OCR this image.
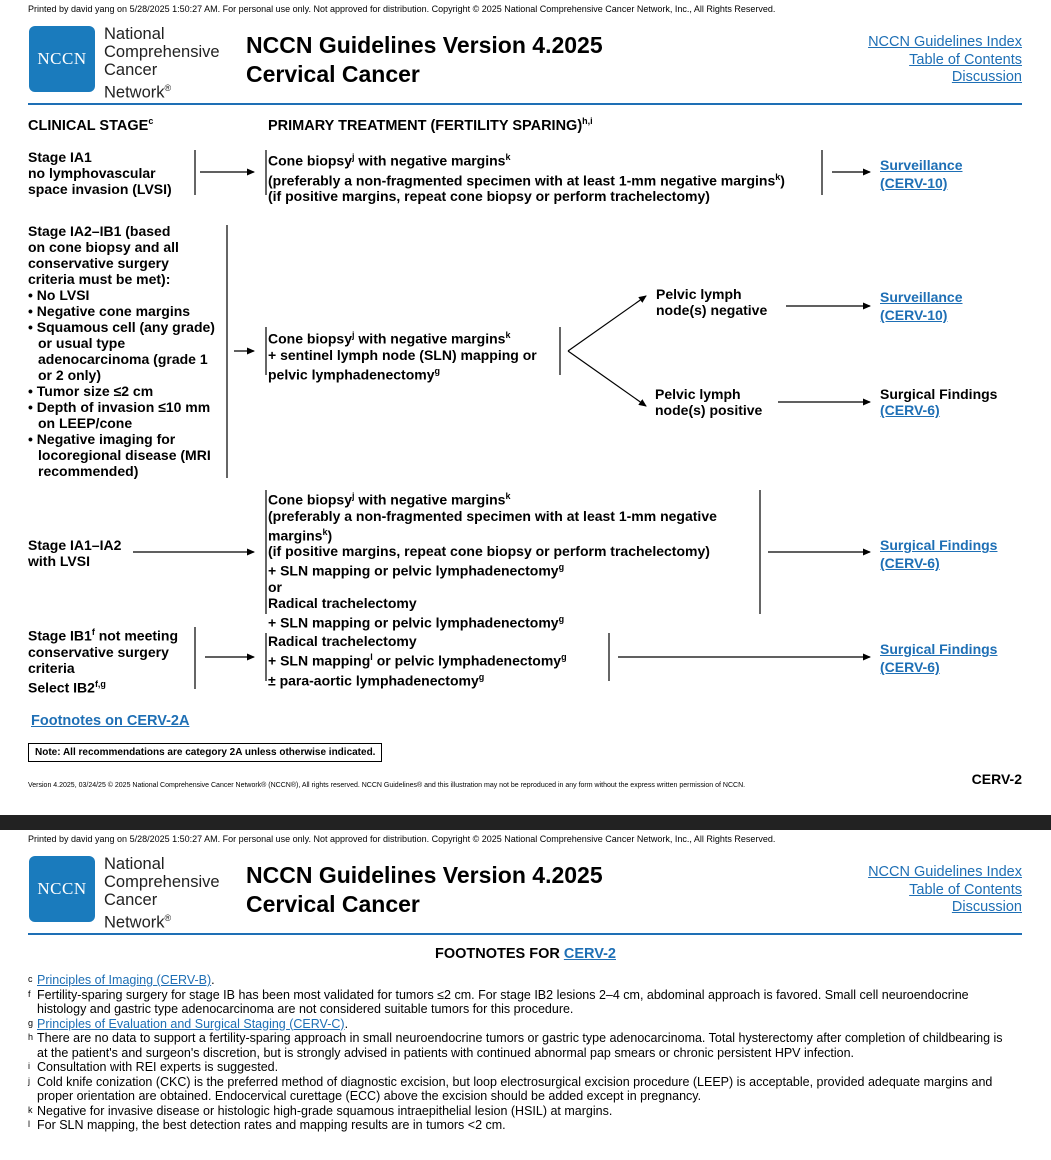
Printed by david yang on 5/28/2025 1:50:27 AM. For personal use only. Not approved for distribution. Copyright © 2025 National Comprehensive Cancer Network, Inc., All Rights Reserved.
NCCN
National
Comprehensive
Cancer
Network®
NCCN Guidelines Version 4.2025
Cervical Cancer
NCCN Guidelines Index
Table of Contents
Discussion
CLINICAL STAGE$^c$	PRIMARY TREATMENT (FERTILITY SPARING)$^{h,i}$
Stage IA1
no lymphovascular
space invasion (LVSI)
Cone biopsy$^j$ with negative margins$^k$
(preferably a non-fragmented specimen with at least 1-mm negative margins$^k$)
(if positive margins, repeat cone biopsy or perform trachelectomy)
Surveillance
(CERV-10)
Stage IA2–IB1 (based
on cone biopsy and all
conservative surgery
criteria must be met):
• No LVSI
• Negative cone margins
• Squamous cell (any grade) or usual type adenocarcinoma (grade 1 or 2 only)
• Tumor size ≤2 cm
• Depth of invasion ≤10 mm on LEEP/cone
• Negative imaging for locoregional disease (MRI recommended)
Cone biopsy$^j$ with negative margins$^k$
+ sentinel lymph node (SLN) mapping or
pelvic lymphadenectomy$^g$
Pelvic lymph
node(s) negative
Pelvic lymph
node(s) positive
Surveillance
(CERV-10)
Surgical Findings
(CERV-6)
Stage IA1–IA2
with LVSI
Cone biopsy$^j$ with negative margins$^k$
(preferably a non-fragmented specimen with at least 1-mm negative
margins$^k$)
(if positive margins, repeat cone biopsy or perform trachelectomy)
+ SLN mapping or pelvic lymphadenectomy$^g$
or
Radical trachelectomy
+ SLN mapping or pelvic lymphadenectomy$^g$
Surgical Findings
(CERV-6)
Stage IB1$^f$ not meeting
conservative surgery
criteria
Select IB2$^{f,g}$
Radical trachelectomy
+ SLN mapping$^l$ or pelvic lymphadenectomy$^g$
± para-aortic lymphadenectomy$^g$
Surgical Findings
(CERV-6)
Footnotes on CERV-2A
Note: All recommendations are category 2A unless otherwise indicated.
Version 4.2025, 03/24/25 © 2025 National Comprehensive Cancer Network® (NCCN®), All rights reserved. NCCN Guidelines® and this illustration may not be reproduced in any form without the express written permission of NCCN.	CERV-2
Printed by david yang on 5/28/2025 1:50:27 AM. For personal use only. Not approved for distribution. Copyright © 2025 National Comprehensive Cancer Network, Inc., All Rights Reserved.
NCCN
National
Comprehensive
Cancer
Network®
NCCN Guidelines Version 4.2025
Cervical Cancer
NCCN Guidelines Index
Table of Contents
Discussion
FOOTNOTES FOR CERV-2
c Principles of Imaging (CERV-B).
f Fertility-sparing surgery for stage IB has been most validated for tumors ≤2 cm. For stage IB2 lesions 2–4 cm, abdominal approach is favored. Small cell neuroendocrine histology and gastric type adenocarcinoma are not considered suitable tumors for this procedure.
g Principles of Evaluation and Surgical Staging (CERV-C).
h There are no data to support a fertility-sparing approach in small neuroendocrine tumors or gastric type adenocarcinoma. Total hysterectomy after completion of childbearing is at the patient's and surgeon's discretion, but is strongly advised in patients with continued abnormal pap smears or chronic persistent HPV infection.
i Consultation with REI experts is suggested.
j Cold knife conization (CKC) is the preferred method of diagnostic excision, but loop electrosurgical excision procedure (LEEP) is acceptable, provided adequate margins and proper orientation are obtained. Endocervical curettage (ECC) above the excision should be added except in pregnancy.
k Negative for invasive disease or histologic high-grade squamous intraepithelial lesion (HSIL) at margins.
l For SLN mapping, the best detection rates and mapping results are in tumors <2 cm.
